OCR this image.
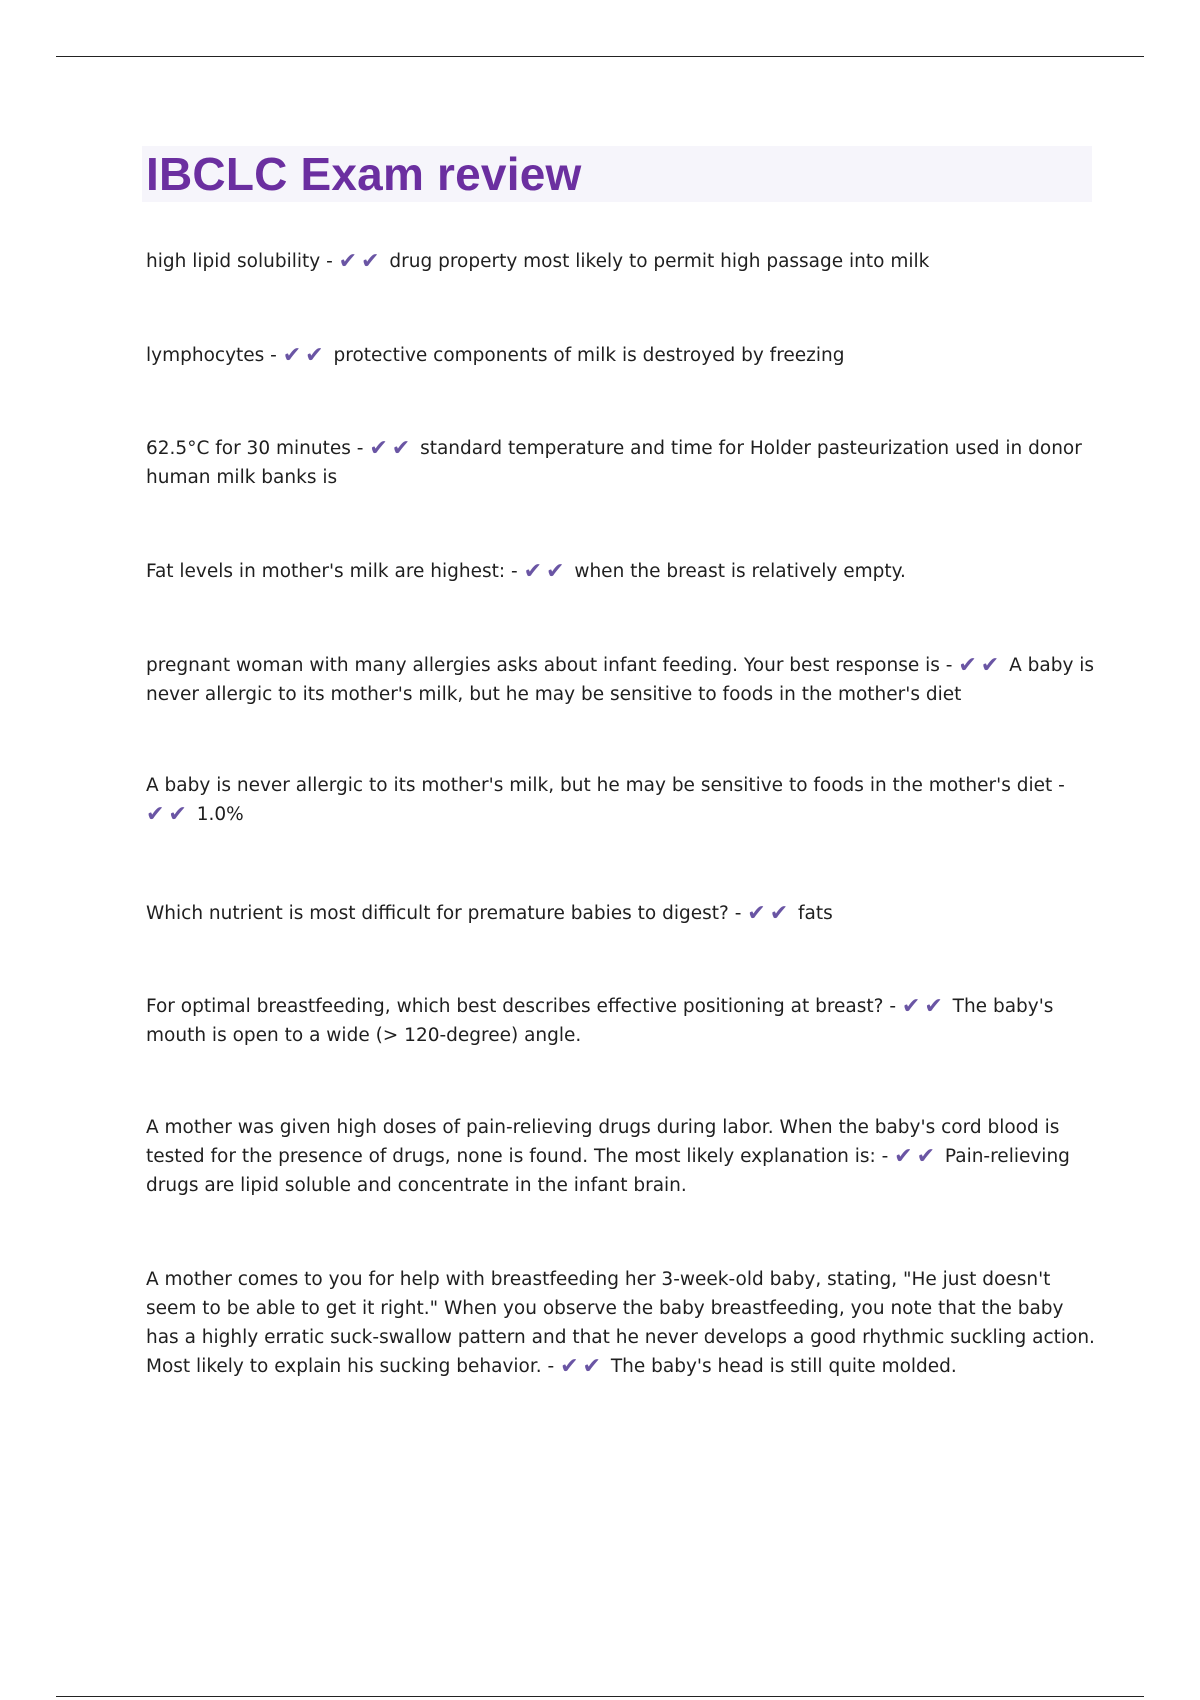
IBCLC Exam review

high lipid solubility - ✔✔ drug property most likely to permit high passage into milk

lymphocytes - ✔✔ protective components of milk is destroyed by freezing

62.5°C for 30 minutes - ✔✔ standard temperature and time for Holder pasteurization used in donor human milk banks is

Fat levels in mother's milk are highest: - ✔✔ when the breast is relatively empty.

pregnant woman with many allergies asks about infant feeding. Your best response is - ✔✔ A baby is never allergic to its mother's milk, but he may be sensitive to foods in the mother's diet

A baby is never allergic to its mother's milk, but he may be sensitive to foods in the mother's diet - ✔✔ 1.0%

Which nutrient is most difficult for premature babies to digest? - ✔✔ fats

For optimal breastfeeding, which best describes effective positioning at breast? - ✔✔ The baby's mouth is open to a wide (> 120-degree) angle.

A mother was given high doses of pain-relieving drugs during labor. When the baby's cord blood is tested for the presence of drugs, none is found. The most likely explanation is: - ✔✔ Pain-relieving drugs are lipid soluble and concentrate in the infant brain.

A mother comes to you for help with breastfeeding her 3-week-old baby, stating, "He just doesn't seem to be able to get it right." When you observe the baby breastfeeding, you note that the baby has a highly erratic suck-swallow pattern and that he never develops a good rhythmic suckling action. Most likely to explain his sucking behavior. - ✔✔ The baby's head is still quite molded.
